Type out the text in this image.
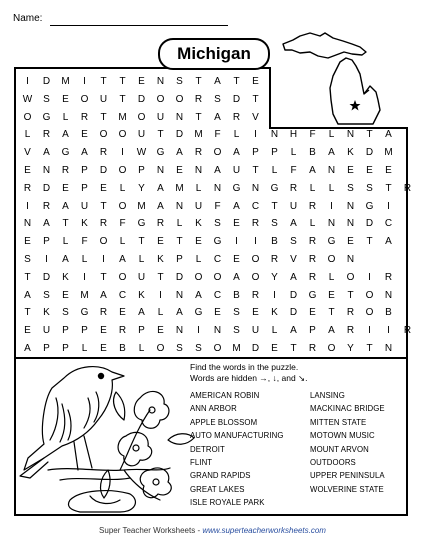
Name:
Michigan
I	D	M	I	T	T	E	N	S	T	A	T	E
W	S	E	O	U	T	D	O	O	R	S	D	T
O	G	L	R	T	M	O	U	N	T	A	R	V
L	R	A	E	O	O	U	T	D	M	F	L	I	N	H	F	L	N	T	A
V	A	G	A	R	I	W	G	A	R	O	A	P	P	L	B	A	K	D	M
E	N	R	P	D	O	P	N	E	N	A	U	T	L	F	A	N	E	E	E
R	D	E	P	E	L	Y	A	M	L	N	G	N	G	R	L	L	S	S	T	R
I	R	A	U	T	O	M	A	N	U	F	A	C	T	U	R	I	N	G	I
N	A	T	K	R	F	G	R	L	K	S	E	R	S	A	L	N	N	D	C
E	P	L	F	O	L	T	E	T	E	G	I	I	B	S	R	G	E	T	A
S	I	A	L	I	A	L	K	P	L	C	E	O	R	V	R	O	N
T	D	K	I	T	O	U	T	D	O	O	A	O	Y	A	R	L	O	I	R
A	S	E	M	A	C	K	I	N	A	C	B	R	I	D	G	E	T	O	N
T	K	S	G	R	E	A	L	A	G	E	S	E	K	D	E	T	R	O	B
E	U	P	P	E	R	P	E	N	I	N	S	U	L	A	P	A	R	I	I	R
A	P	P	L	E	B	L	O	S	S	O	M	D	E	T	R	O	Y	T	N
Find the words in the puzzle.
Words are hidden →, ↓, and ↘.
AMERICAN ROBIN
ANN ARBOR
APPLE BLOSSOM
AUTO MANUFACTURING
DETROIT
FLINT
GRAND RAPIDS
GREAT LAKES
ISLE ROYALE PARK
LANSING
MACKINAC BRIDGE
MITTEN STATE
MOTOWN MUSIC
MOUNT ARVON
OUTDOORS
UPPER PENINSULA
WOLVERINE STATE
Super Teacher Worksheets - www.superteacherworksheets.com
